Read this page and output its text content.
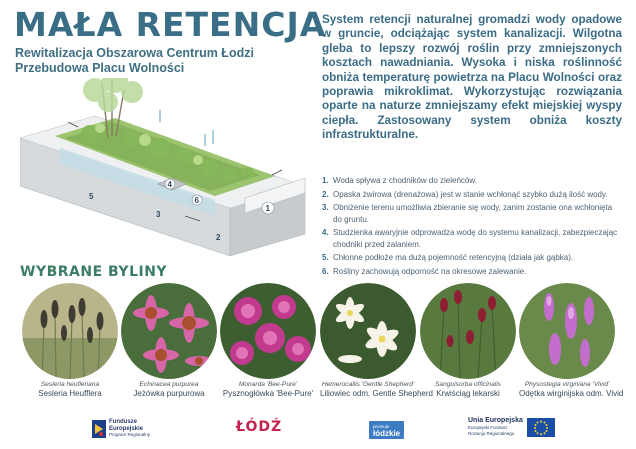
MAŁA RETENCJA
Rewitalizacja Obszarowa Centrum Łodzi
Przebudowa Placu Wolności

System retencji naturalnej gromadzi wody opadowe w gruncie, odciążając system kanalizacji. Wilgotna gleba to lepszy rozwój roślin przy zmniejszonych kosztach nawadniania. Wysoka i niska roślinność obniża temperaturę powietrza na Placu Wolności oraz poprawia mikroklimat. Wykorzystując rozwiązania oparte na naturze zmniejszamy efekt miejskiej wyspy ciepła. Zastosowany system obniża koszty infrastrukturalne.

1
2
3
4
5	6
1. Woda spływa z chodników do zieleńców.
2. Opaska żwirowa (drenażowa) jest w stanie wchłonąć szybko dużą ilość wody.
3. Obniżenie terenu umożliwia zbieranie się wody, zanim zostanie ona wchłonięta do gruntu.
4. Studzienka awaryjnie odprowadza wodę do systemu kanalizacji, zabezpieczając chodniki przed zalaniem.
5. Chłonne podłoże ma dużą pojemność retencyjną (działa jak gąbka).
6. Rośliny zachowują odporność na okresowe zalewanie.
WYBRANE BYLINY
Sesleria heufleriana
Sesleria Heufflera
Echinacea purpurea
Jeżówka purpurowa
Monarda 'Bee-Pure'
Pysznogłówka 'Bee-Pure'
Hemerocallis 'Gentle Shepherd'
Liliowiec odm. Gentle Shepherd
Sanguisorba officinalis
Krwiściąg lekarski
Physostegia virginiana 'Vivid'
Odętka wirginijska odm. Vivid
Fundusze
Europejskie
Program Regionalny	ŁÓDŹ	promuje
łódzkie
Unia Europejska
Europejski Fundusz
Rozwoju Regionalnego
